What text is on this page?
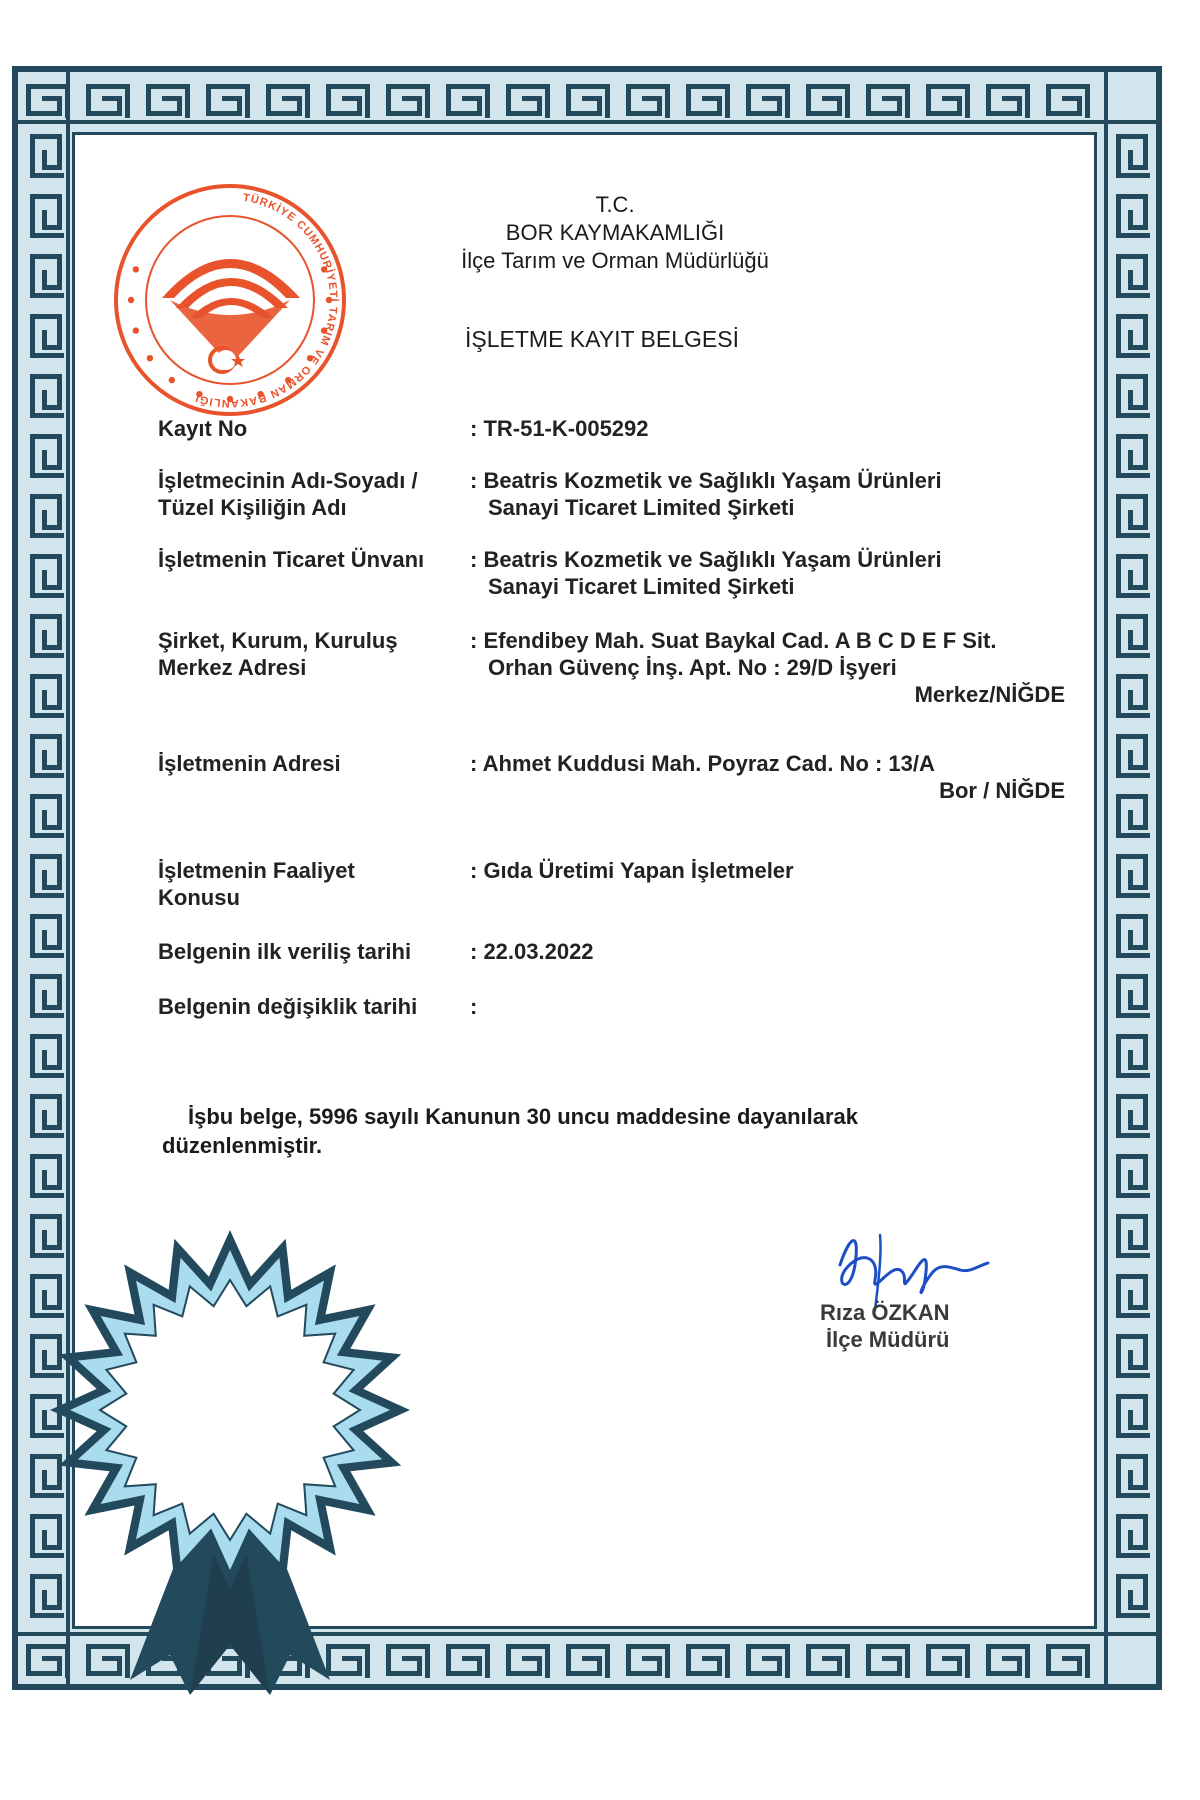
TÜRKİYE CUMHURİYETİ TARIM VE ORMAN BAKANLIĞI
T.C.
BOR KAYMAKAMLIĞI
İlçe Tarım ve Orman Müdürlüğü
İŞLETME KAYIT BELGESİ
Kayıt No	: TR-51-K-005292
İşletmecinin Adı-Soyadı /
Tüzel Kişiliğin Adı
: Beatris Kozmetik ve Sağlıklı Yaşam Ürünleri
Sanayi Ticaret Limited Şirketi
İşletmenin Ticaret Ünvanı : Beatris Kozmetik ve Sağlıklı Yaşam Ürünleri
Sanayi Ticaret Limited Şirketi
Şirket, Kurum, Kuruluş
Merkez Adresi
: Efendibey Mah. Suat Baykal Cad. A B C D E F Sit.
Orhan Güvenç İnş. Apt. No : 29/D İşyeri
Merkez/NİĞDE
İşletmenin Adresi	: Ahmet Kuddusi Mah. Poyraz Cad. No : 13/A
Bor / NİĞDE
İşletmenin Faaliyet
Konusu
: Gıda Üretimi Yapan İşletmeler
Belgenin ilk veriliş tarihi	: 22.03.2022
Belgenin değişiklik tarihi :
İşbu belge, 5996 sayılı Kanunun 30 uncu maddesine dayanılarak
düzenlenmiştir.
Rıza ÖZKAN
İlçe Müdürü
